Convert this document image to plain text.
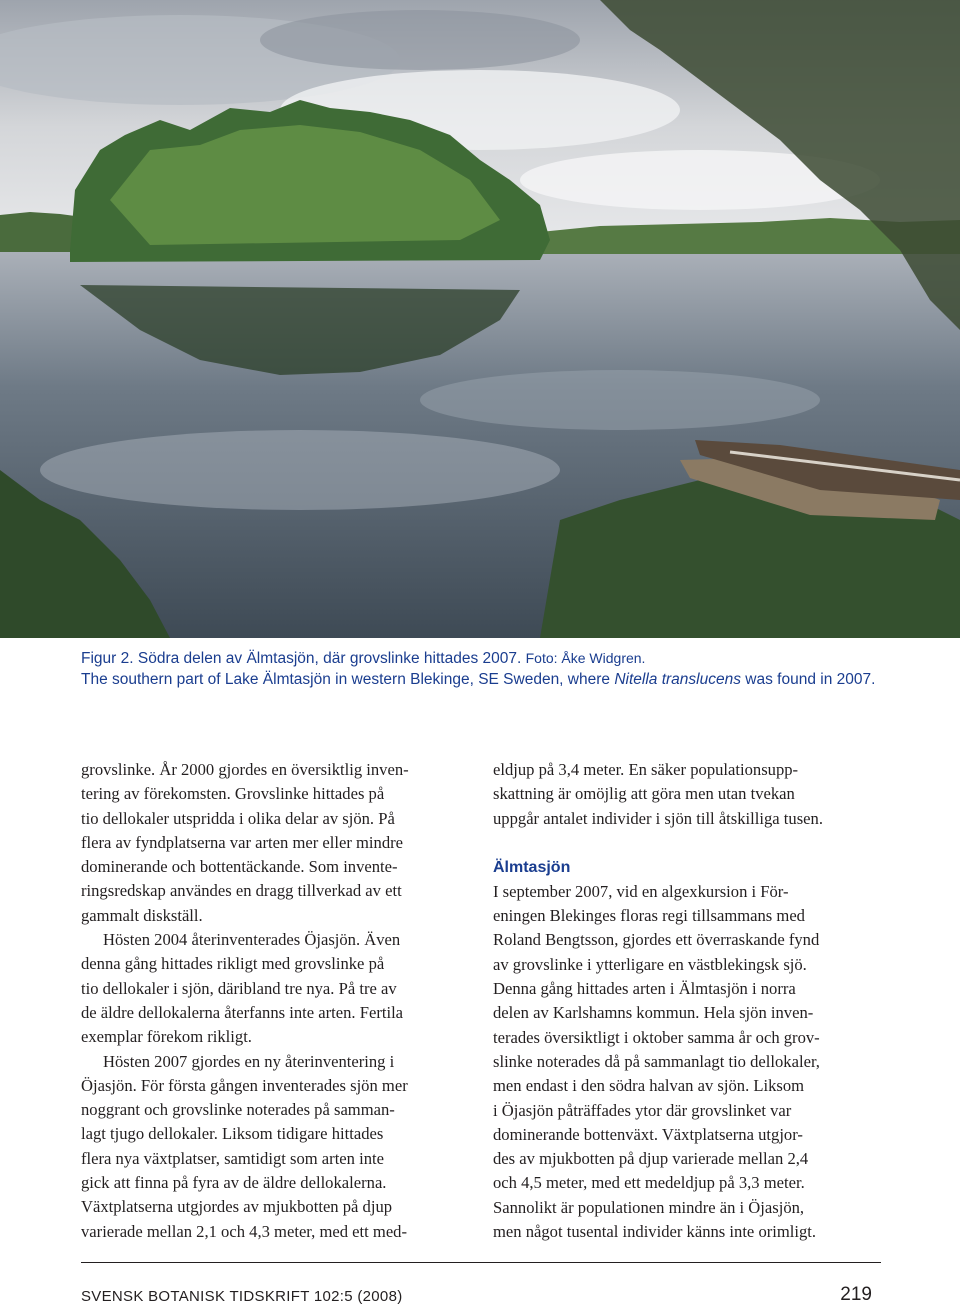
Figur 2. Södra delen av Älmtasjön, där grovslinke hittades 2007. Foto: Åke Widgren.
The southern part of Lake Älmtasjön in western Blekinge, SE Sweden, where Nitella translucens was found in 2007.

grovslinke. År 2000 gjordes en översiktlig inven-

tering av förekomsten. Grovslinke hittades på

tio dellokaler utspridda i olika delar av sjön. På

flera av fyndplatserna var arten mer eller mindre

dominerande och bottentäckande. Som invente-

ringsredskap användes en dragg tillverkad av ett

gammalt diskställ.

Hösten 2004 återinventerades Öjasjön. Även

denna gång hittades rikligt med grovslinke på

tio dellokaler i sjön, däribland tre nya. På tre av

de äldre dellokalerna återfanns inte arten. Fertila

exemplar förekom rikligt.

Hösten 2007 gjordes en ny återinventering i

Öjasjön. För första gången inventerades sjön mer

noggrant och grovslinke noterades på samman-

lagt tjugo dellokaler. Liksom tidigare hittades

flera nya växtplatser, samtidigt som arten inte

gick att finna på fyra av de äldre dellokalerna.

Växtplatserna utgjordes av mjukbotten på djup

varierade mellan 2,1 och 4,3 meter, med ett med-

eldjup på 3,4 meter. En säker populationsupp-

skattning är omöjlig att göra men utan tvekan

uppgår antalet individer i sjön till åtskilliga tusen.

Älmtasjön

I september 2007, vid en algexkursion i För-

eningen Blekinges floras regi tillsammans med

Roland Bengtsson, gjordes ett överraskande fynd

av grovslinke i ytterligare en västblekingsk sjö.

Denna gång hittades arten i Älmtasjön i norra

delen av Karlshamns kommun. Hela sjön inven-

terades översiktligt i oktober samma år och grov-

slinke noterades då på sammanlagt tio dellokaler,

men endast i den södra halvan av sjön. Liksom

i Öjasjön påträffades ytor där grovslinket var

dominerande bottenväxt. Växtplatserna utgjor-

des av mjukbotten på djup varierade mellan 2,4

och 4,5 meter, med ett medeldjup på 3,3 meter.

Sannolikt är populationen mindre än i Öjasjön,

men något tusental individer känns inte orimligt.

SVENSK BOTANISK TIDSKRIFT 102:5 (2008)	219
